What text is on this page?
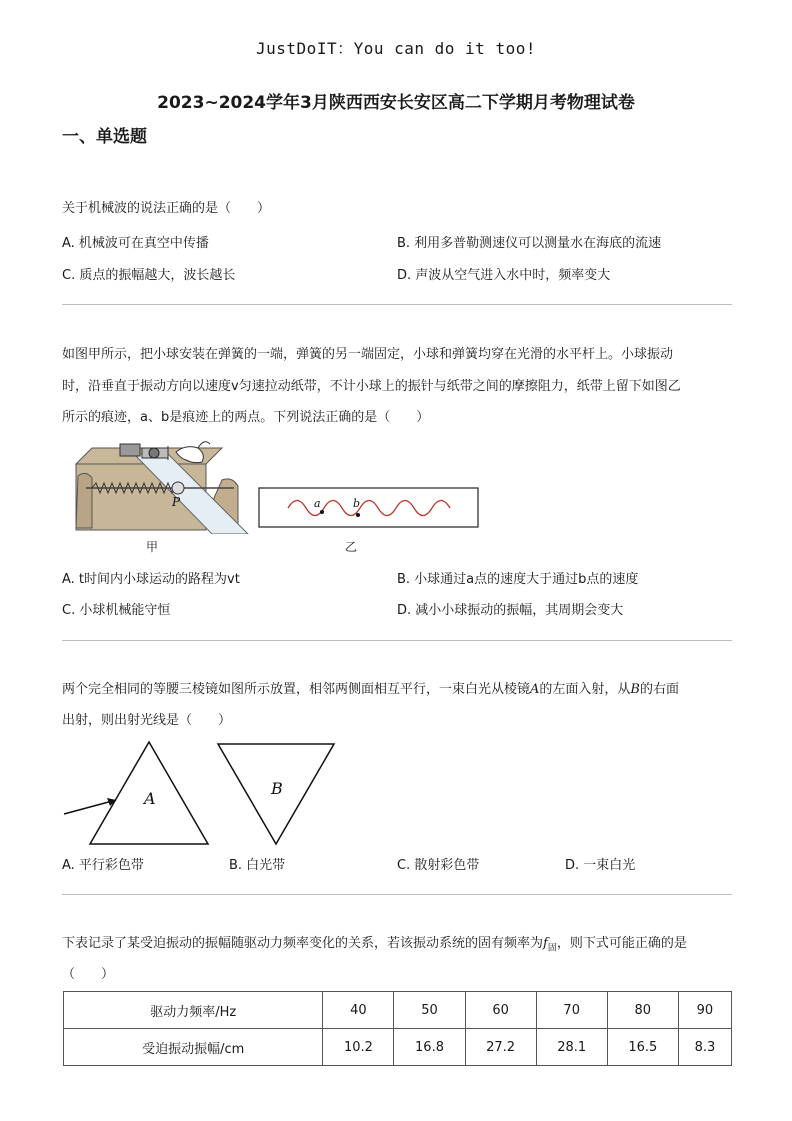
JustDoIT：You can do it too!
2023~2024学年3月陕西西安长安区高二下学期月考物理试卷
一、单选题
关于机械波的说法正确的是（　　）
A. 机械波可在真空中传播	B. 利用多普勒测速仪可以测量水在海底的流速
C. 质点的振幅越大，波长越长	D. 声波从空气进入水中时，频率变大
如图甲所示，把小球安装在弹簧的一端，弹簧的另一端固定，小球和弹簧均穿在光滑的水平杆上。小球振动
时，沿垂直于振动方向以速度v匀速拉动纸带，不计小球上的振针与纸带之间的摩擦阻力，纸带上留下如图乙
所示的痕迹，a、b是痕迹上的两点。下列说法正确的是（　　）
P
甲
a	b
乙
A. t时间内小球运动的路程为vt	B. 小球通过a点的速度大于通过b点的速度
C. 小球机械能守恒	D. 减小小球振动的振幅，其周期会变大
两个完全相同的等腰三棱镜如图所示放置，相邻两侧面相互平行，一束白光从棱镜A的左面入射，从B的右面
出射，则出射光线是（　　）
A
B
A. 平行彩色带	B. 白光带	C. 散射彩色带	D. 一束白光
下表记录了某受迫振动的振幅随驱动力频率变化的关系，若该振动系统的固有频率为$f_固$，则下式可能正确的是
（　　）
驱动力频率/Hz	40	50	60	70	80	90
受迫振动振幅/cm	10.2	16.8	27.2	28.1	16.5	8.3
